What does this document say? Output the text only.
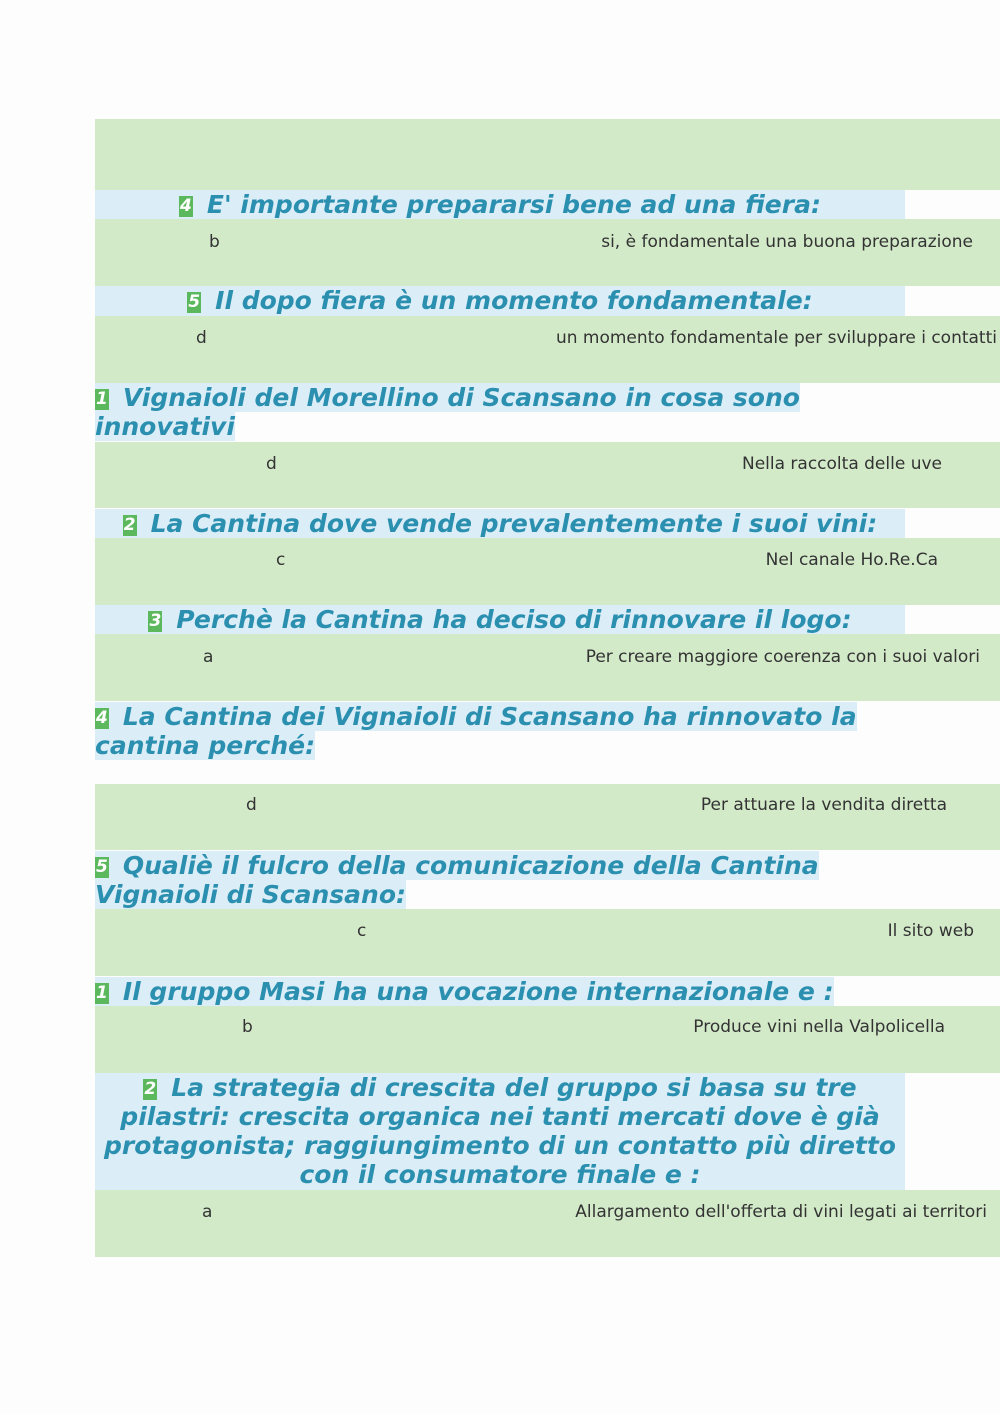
4 E' importante prepararsi bene ad una fiera:
b	si, è fondamentale una buona preparazione
5 Il dopo fiera è un momento fondamentale:
d	un momento fondamentale per sviluppare i contatti
1 Vignaioli del Morellino di Scansano in cosa sono
innovativi
d	Nella raccolta delle uve
2 La Cantina dove vende prevalentemente i suoi vini:
c	Nel canale Ho.Re.Ca
3 Perchè la Cantina ha deciso di rinnovare il logo:
a	Per creare maggiore coerenza con i suoi valori
4 La Cantina dei Vignaioli di Scansano ha rinnovato la
cantina perché:
d	Per attuare la vendita diretta
5 Qualiè il fulcro della comunicazione della Cantina
Vignaioli di Scansano:
c	Il sito web
1 Il gruppo Masi ha una vocazione internazionale e :
b	Produce vini nella Valpolicella
2 La strategia di crescita del gruppo si basa su tre
pilastri: crescita organica nei tanti mercati dove è già
protagonista; raggiungimento di un contatto più diretto
con il consumatore finale e :
a	Allargamento dell'offerta di vini legati ai territori
